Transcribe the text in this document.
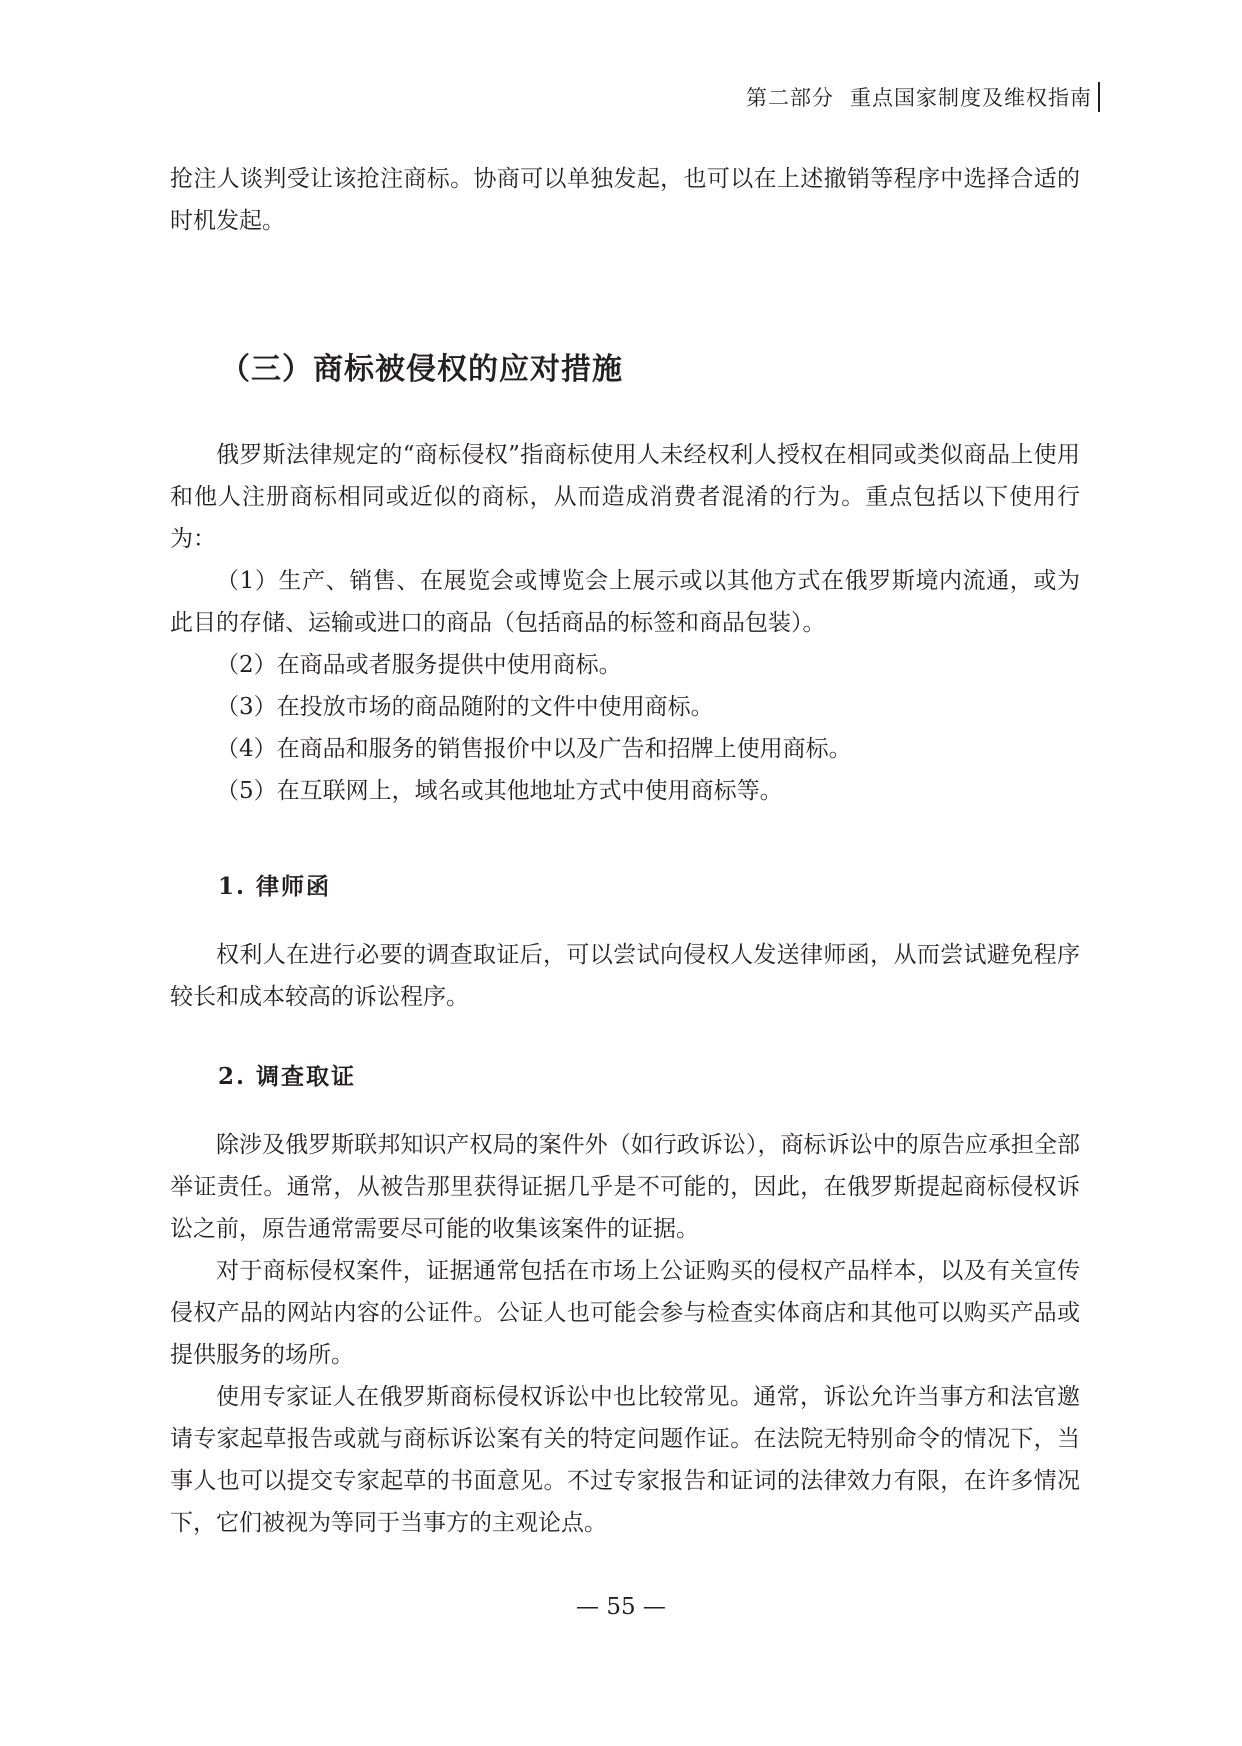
第二部分 重点国家制度及维权指南

抢注人谈判受让该抢注商标。协商可以单独发起，也可以在上述撤销等程序中选择合适的时机发起。

（三）商标被侵权的应对措施

俄罗斯法律规定的“商标侵权”指商标使用人未经权利人授权在相同或类似商品上使用和他人注册商标相同或近似的商标，从而造成消费者混淆的行为。重点包括以下使用行为：

（1）生产、销售、在展览会或博览会上展示或以其他方式在俄罗斯境内流通，或为此目的存储、运输或进口的商品（包括商品的标签和商品包装）。

（2）在商品或者服务提供中使用商标。

（3）在投放市场的商品随附的文件中使用商标。

（4）在商品和服务的销售报价中以及广告和招牌上使用商标。

（5）在互联网上，域名或其他地址方式中使用商标等。

1. 律师函

权利人在进行必要的调查取证后，可以尝试向侵权人发送律师函，从而尝试避免程序较长和成本较高的诉讼程序。

2. 调查取证

除涉及俄罗斯联邦知识产权局的案件外（如行政诉讼），商标诉讼中的原告应承担全部举证责任。通常，从被告那里获得证据几乎是不可能的，因此，在俄罗斯提起商标侵权诉讼之前，原告通常需要尽可能的收集该案件的证据。

对于商标侵权案件，证据通常包括在市场上公证购买的侵权产品样本，以及有关宣传侵权产品的网站内容的公证件。公证人也可能会参与检查实体商店和其他可以购买产品或提供服务的场所。

使用专家证人在俄罗斯商标侵权诉讼中也比较常见。通常，诉讼允许当事方和法官邀请专家起草报告或就与商标诉讼案有关的特定问题作证。在法院无特别命令的情况下，当事人也可以提交专家起草的书面意见。不过专家报告和证词的法律效力有限，在许多情况下，它们被视为等同于当事方的主观论点。

— 55 —
